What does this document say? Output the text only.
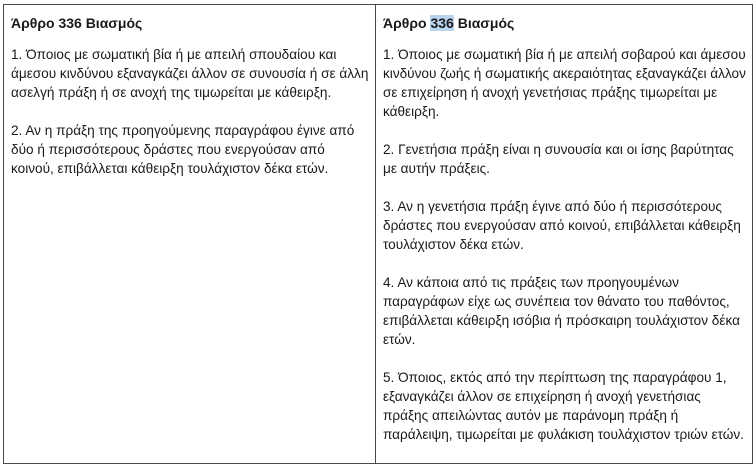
Άρθρο 336 Βιασμός

1. Όποιος με σωματική βία ή με απειλή σπουδαίου και άμεσου κινδύνου εξαναγκάζει άλλον σε συνουσία ή σε άλλη ασελγή πράξη ή σε ανοχή της τιμωρείται με κάθειρξη.

2. Αν η πράξη της προηγούμενης παραγράφου έγινε από δύο ή περισσότερους δράστες που ενεργούσαν από κοινού, επιβάλλεται κάθειρξη τουλάχιστον δέκα ετών.

Άρθρο 336 Βιασμός

1. Όποιος με σωματική βία ή με απειλή σοβαρού και άμεσου κινδύνου ζωής ή σωματικής ακεραιότητας εξαναγκάζει άλλον σε επιχείρηση ή ανοχή γενετήσιας πράξης τιμωρείται με κάθειρξη.

2. Γενετήσια πράξη είναι η συνουσία και οι ίσης βαρύτητας με αυτήν πράξεις.

3. Αν η γενετήσια πράξη έγινε από δύο ή περισσότερους δράστες που ενεργούσαν από κοινού, επιβάλλεται κάθειρξη τουλάχιστον δέκα ετών.

4. Αν κάποια από τις πράξεις των προηγουμένων παραγράφων είχε ως συνέπεια τον θάνατο του παθόντος, επιβάλλεται κάθειρξη ισόβια ή πρόσκαιρη τουλάχιστον δέκα ετών.

5. Όποιος, εκτός από την περίπτωση της παραγράφου 1, εξαναγκάζει άλλον σε επιχείρηση ή ανοχή γενετήσιας πράξης απειλώντας αυτόν με παράνομη πράξη ή παράλειψη, τιμωρείται με φυλάκιση τουλάχιστον τριών ετών.
